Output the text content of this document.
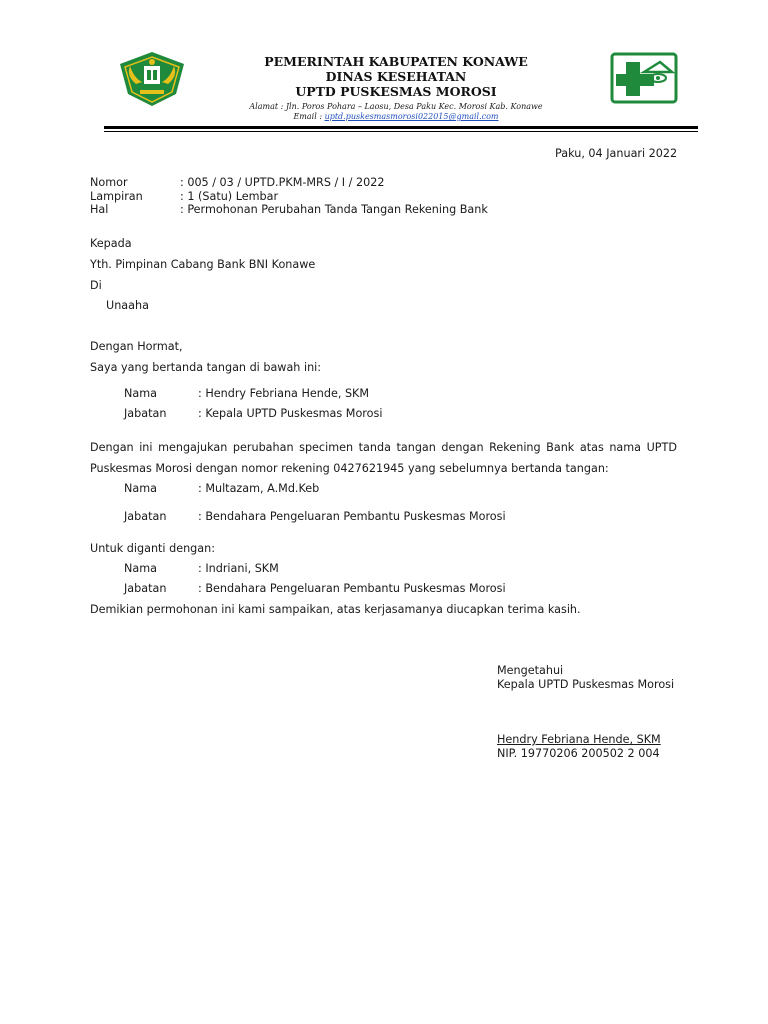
PEMERINTAH KABUPATEN KONAWE
DINAS KESEHATAN
UPTD PUSKESMAS MOROSI
Alamat : Jln. Poros Pohara – Laosu, Desa Paku Kec. Morosi Kab. Konawe
Email : uptd.puskesmasmorosi022015@gmail.com
Paku, 04 Januari 2022
Nomor	: 005 / 03 / UPTD.PKM-MRS / I / 2022
Lampiran	: 1 (Satu) Lembar
Hal	: Permohonan Perubahan Tanda Tangan Rekening Bank
Kepada
Yth. Pimpinan Cabang Bank BNI Konawe
Di
Unaaha
Dengan Hormat,
Saya yang bertanda tangan di bawah ini:
Nama	: Hendry Febriana Hende, SKM
Jabatan	: Kepala UPTD Puskesmas Morosi
Dengan ini mengajukan perubahan specimen tanda tangan dengan Rekening Bank atas nama UPTD Puskesmas Morosi dengan nomor rekening 0427621945 yang sebelumnya bertanda tangan:
Nama	: Multazam, A.Md.Keb
Jabatan	: Bendahara Pengeluaran Pembantu Puskesmas Morosi
Untuk diganti dengan:
Nama	: Indriani, SKM
Jabatan	: Bendahara Pengeluaran Pembantu Puskesmas Morosi
Demikian permohonan ini kami sampaikan, atas kerjasamanya diucapkan terima kasih.
Mengetahui
Kepala UPTD Puskesmas Morosi
Hendry Febriana Hende, SKM
NIP. 19770206 200502 2 004
